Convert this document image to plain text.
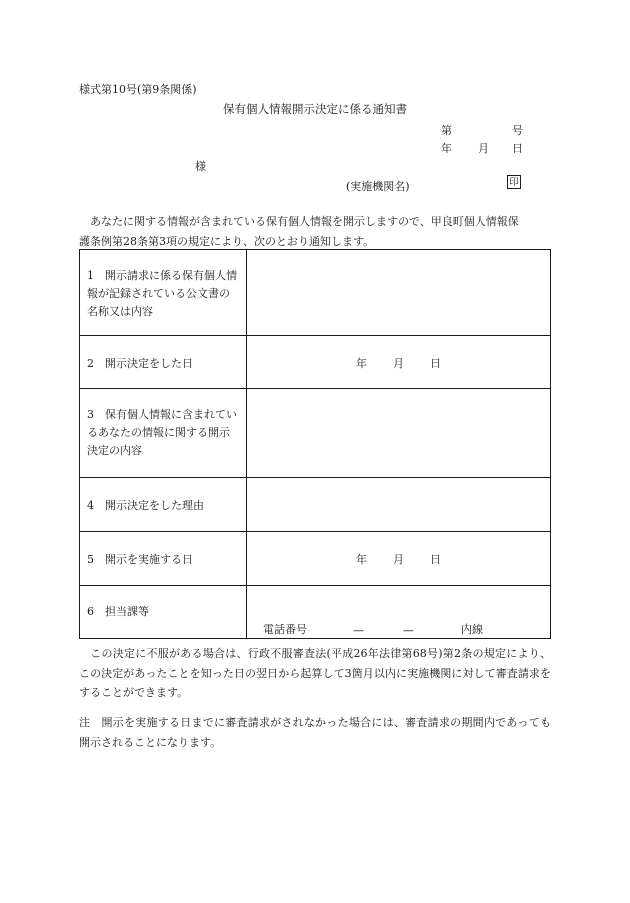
様式第10号(第9条関係)
保有個人情報開示決定に係る通知書
第	号
年 月 日
様
(実施機関名)	印
　あなたに関する情報が含まれている保有個人情報を開示しますので、甲良町個人情報保
護条例第28条第3項の規定により、次のとおり通知します。
1　開示請求に係る保有個人情報が記録されている公文書の名称又は内容	

2　開示決定をした日	年 月 日

3　保有個人情報に含まれているあなたの情報に関する開示決定の内容	

4　開示決定をした理由	

5　開示を実施する日	年 月 日

6　担当課等	電話番号 — — 内線
　この決定に不服がある場合は、行政不服審査法(平成26年法律第68号)第2条の規定により、この決定があったことを知った日の翌日から起算して3箇月以内に実施機関に対して審査請求をすることができます。
注　開示を実施する日までに審査請求がされなかった場合には、審査請求の期間内であっても開示されることになります。
